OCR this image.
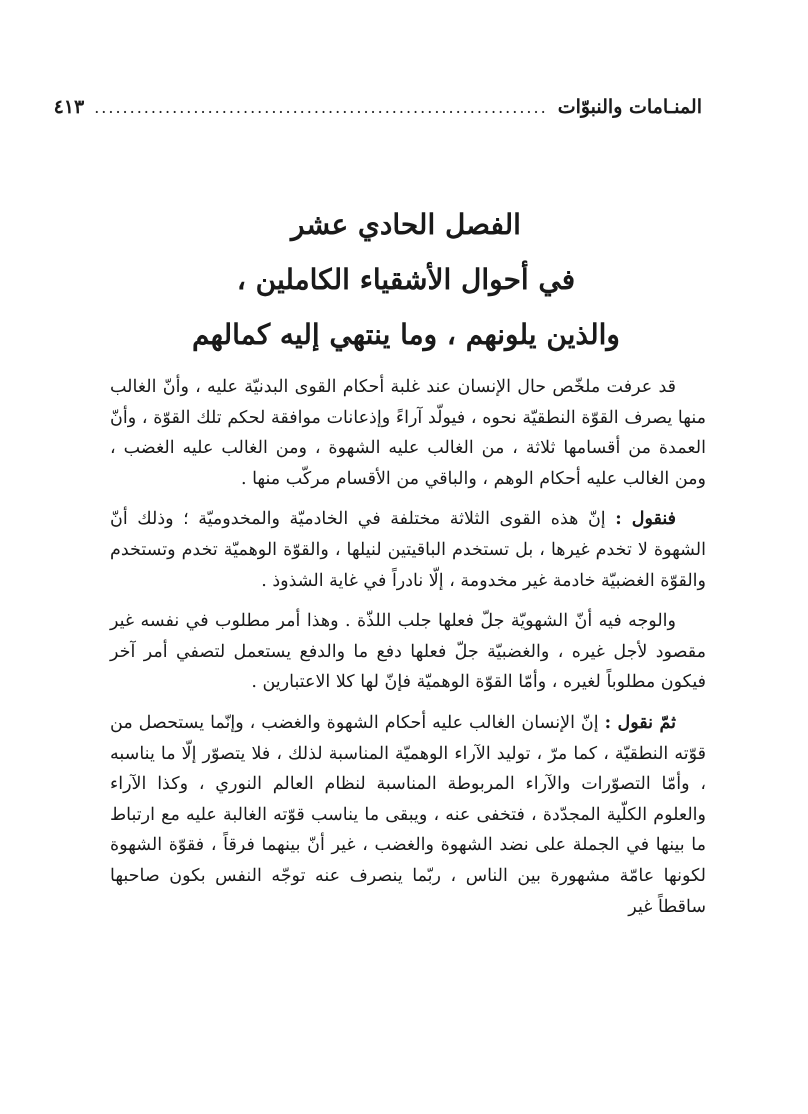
المنـامات والنبوّات
................................................................
٤١٣
الفصل الحادي عشر
في أحوال الأشقياء الكاملين ،
والذين يلونهم ، وما ينتهي إليه كمالهم

قد عرفت ملخّص حال الإنسان عند غلبة أحكام القوى البدنيّة عليه ، وأنّ الغالب منها يصرف القوّة النطقيّة نحوه ، فيولّد آراءً وإذعانات موافقة لحكم تلك القوّة ، وأنّ العمدة من أقسامها ثلاثة ، من الغالب عليه الشهوة ، ومن الغالب عليه الغضب ، ومن الغالب عليه أحكام الوهم ، والباقي من الأقسام مركّب منها .

فنقول : إنّ هذه القوى الثلاثة مختلفة في الخادميّة والمخدوميّة ؛ وذلك أنّ الشهوة لا تخدم غيرها ، بل تستخدم الباقيتين لنيلها ، والقوّة الوهميّة تخدم وتستخدم والقوّة الغضبيّة خادمة غير مخدومة ، إلّا نادراً في غاية الشذوذ .

والوجه فيه أنّ الشهويّة جلّ فعلها جلب اللذّة . وهذا أمر مطلوب في نفسه غير مقصود لأجل غيره ، والغضبيّة جلّ فعلها دفع ما والدفع يستعمل لتصفي أمر آخر فيكون مطلوباً لغيره ، وأمّا القوّة الوهميّة فإنّ لها كلا الاعتبارين .

ثمّ نقول : إنّ الإنسان الغالب عليه أحكام الشهوة والغضب ، وإنّما يستحصل من قوّته النطقيّة ، كما مرّ ، توليد الآراء الوهميّة المناسبة لذلك ، فلا يتصوّر إلّا ما يناسبه ، وأمّا التصوّرات والآراء المربوطة المناسبة لنظام العالم النوري ، وكذا الآراء والعلوم الكلّية المجدّدة ، فتخفى عنه ، ويبقى ما يناسب قوّته الغالبة عليه مع ارتباط ما بينها في الجملة على نضد الشهوة والغضب ، غير أنّ بينهما فرقاً ، فقوّة الشهوة لكونها عامّة مشهورة بين الناس ، ربّما ينصرف عنه توجّه النفس بكون صاحبها ساقطاً غير
